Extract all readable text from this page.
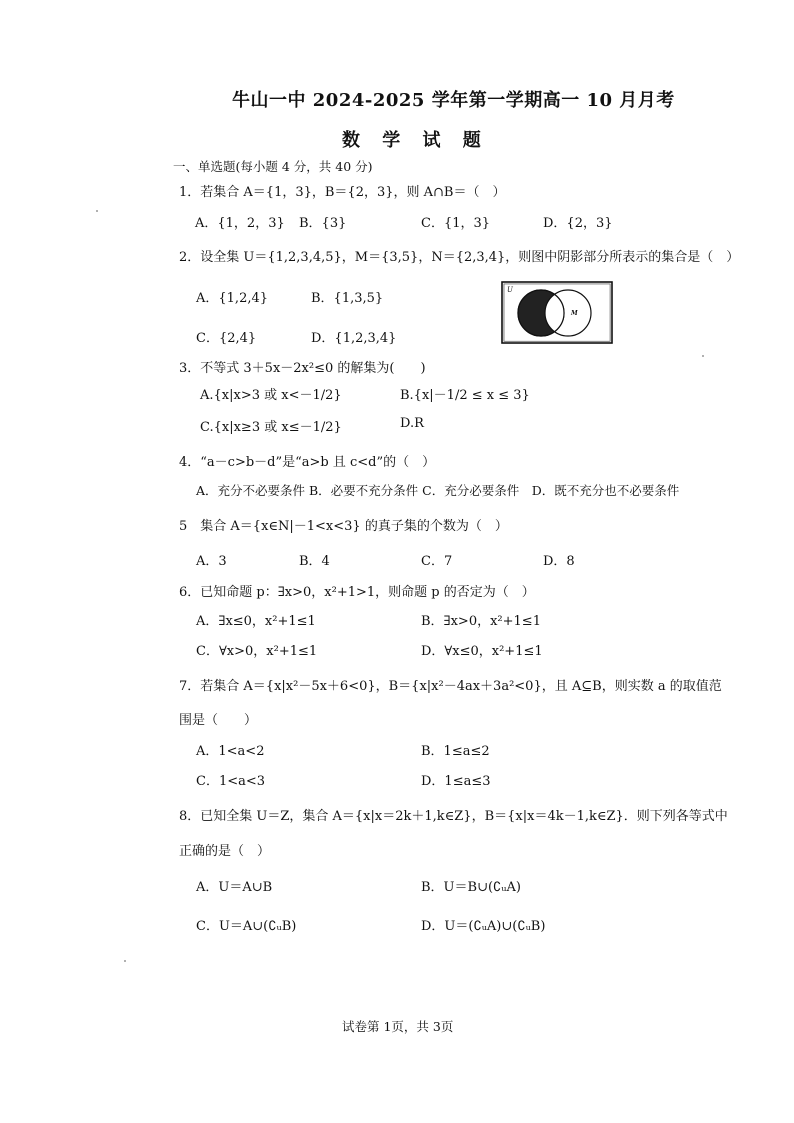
牛山一中 2024-2025 学年第一学期高一 10 月月考
数 学 试 题
一、单选题(每小题 4 分，共 40 分)
1．若集合 A＝{1，3}，B＝{2，3}，则 A∩B＝（　）
A．{1，2，3} B．{3}	C．{1，3}	D．{2，3}
2．设全集 U＝{1,2,3,4,5}，M＝{3,5}，N＝{2,3,4}，则图中阴影部分所表示的集合是（　）
A．{1,2,4}	B．{1,3,5}
C．{2,4}	D．{1,2,3,4}
U
M
3．不等式 3＋5x－2x²≤0 的解集为(　　)
A.{x|x>3 或 x<－1/2}	B.{x|－1/2 ≤ x ≤ 3}
C.{x|x≥3 或 x≤－1/2}	D.R
4．“a－c>b－d”是“a>b 且 c<d”的（　）
A．充分不必要条件 B．必要不充分条件 C．充分必要条件　D．既不充分也不必要条件
5　集合 A＝{x∈N|－1<x<3} 的真子集的个数为（　）
A．3	B．4	C．7	D．8
6．已知命题 p：∃x>0，x²+1>1，则命题 p 的否定为（　）
A．∃x≤0，x²+1≤1	B．∃x>0，x²+1≤1
C．∀x>0，x²+1≤1	D．∀x≤0，x²+1≤1
7．若集合 A＝{x|x²－5x＋6<0}，B＝{x|x²－4ax＋3a²<0}，且 A⊆B，则实数 a 的取值范
围是（　　）
A．1<a<2	B．1≤a≤2
C．1<a<3	D．1≤a≤3
8．已知全集 U＝Z，集合 A＝{x|x＝2k＋1,k∈Z}，B＝{x|x＝4k－1,k∈Z}．则下列各等式中
正确的是（　）
A．U＝A∪B	B．U＝B∪(∁ᵤA)
C．U＝A∪(∁ᵤB)	D．U＝(∁ᵤA)∪(∁ᵤB)
试卷第 1页，共 3页
